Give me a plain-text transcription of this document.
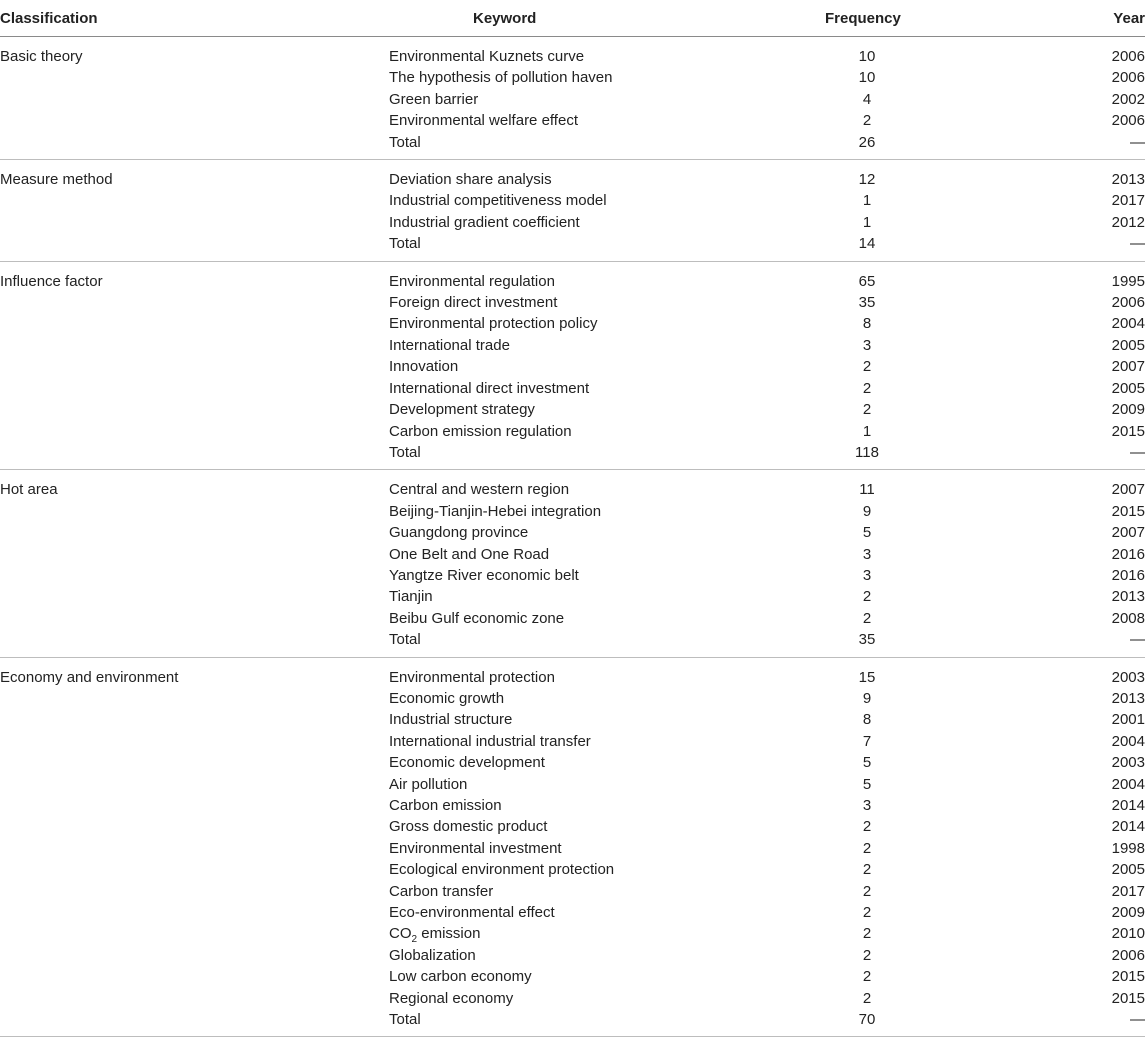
Classification	Keyword	Frequency	Year
Basic theory	Environmental Kuznets curve	10	2006
	The hypothesis of pollution haven	10	2006
	Green barrier	4	2002
	Environmental welfare effect	2	2006
	Total	26	—
Measure method	Deviation share analysis	12	2013
	Industrial competitiveness model	1	2017
	Industrial gradient coefficient	1	2012
	Total	14	—
Influence factor	Environmental regulation	65	1995
	Foreign direct investment	35	2006
	Environmental protection policy	8	2004
	International trade	3	2005
	Innovation	2	2007
	International direct investment	2	2005
	Development strategy	2	2009
	Carbon emission regulation	1	2015
	Total	118	—
Hot area	Central and western region	11	2007
	Beijing-Tianjin-Hebei integration	9	2015
	Guangdong province	5	2007
	One Belt and One Road	3	2016
	Yangtze River economic belt	3	2016
	Tianjin	2	2013
	Beibu Gulf economic zone	2	2008
	Total	35	—
Economy and environment	Environmental protection	15	2003
	Economic growth	9	2013
	Industrial structure	8	2001
	International industrial transfer	7	2004
	Economic development	5	2003
	Air pollution	5	2004
	Carbon emission	3	2014
	Gross domestic product	2	2014
	Environmental investment	2	1998
	Ecological environment protection	2	2005
	Carbon transfer	2	2017
	Eco-environmental effect	2	2009
	$CO_2$ emission	2	2010
	Globalization	2	2006
	Low carbon economy	2	2015
	Regional economy	2	2015
	Total	70	—
